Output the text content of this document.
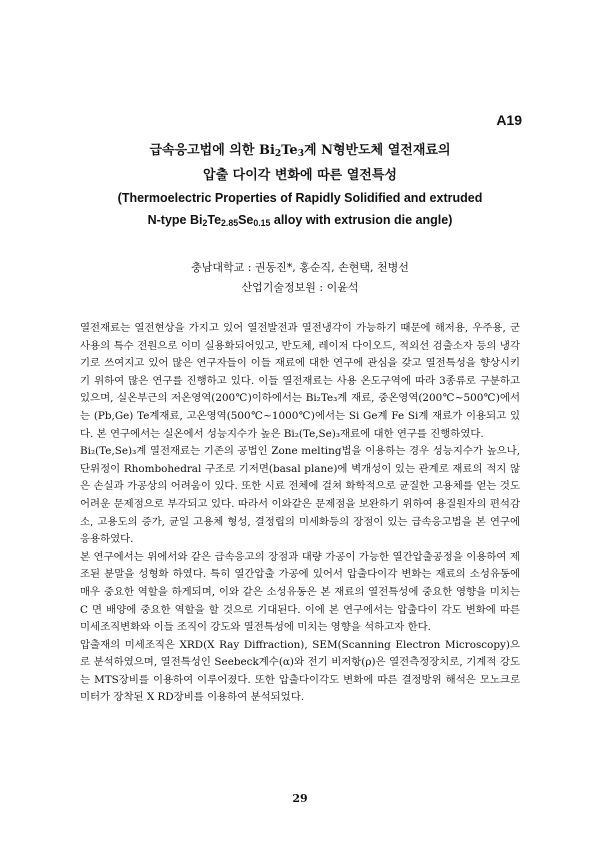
A19
급속응고법에 의한 $Bi_2Te_3$계 N형반도체 열전재료의
압출 다이각 변화에 따른 열전특성
(Thermoelectric Properties of Rapidly Solidified and extruded
N-type $Bi_2Te_{2.85}Se_{0.15}$ alloy with extrusion die angle)
충남대학교 : 권동진*, 홍순직, 손현택, 천병선
산업기술정보원 : 이윤석

열전재료는 열전현상을 가지고 있어 열전발전과 열전냉각이 가능하기 때문에 해저용, 우주용, 군사용의 특수 전원으로 이미 실용화되어있고, 반도체, 레이저 다이오드, 적외선 검출소자 등의 냉각기로 쓰여지고 있어 많은 연구자들이 이들 재료에 대한 연구에 관심을 갖고 열전특성을 향상시키기 위하여 많은 연구를 진행하고 있다. 이들 열전재료는 사용 온도구역에 따라 3종류로 구분하고 있으며, 실온부근의 저온영역(200℃)이하에서는 Bi₂Te₃계 재료, 중온영역(200℃~500℃)에서는 (Pb,Ge) Te계재료, 고온영역(500℃~1000℃)에서는 Si Ge계 Fe Si계 재료가 이용되고 있다. 본 연구에서는 실온에서 성능지수가 높은 Bi₂(Te,Se)₃재료에 대한 연구를 진행하였다.

Bi₂(Te,Se)₃계 열전재료는 기존의 공법인 Zone melting법을 이용하는 경우 성능지수가 높으나, 단위정이 Rhombohedral 구조로 기저면(basal plane)에 벽개성이 있는 관계로 재료의 적지 않은 손실과 가공상의 어려움이 있다. 또한 시료 전체에 걸쳐 화학적으로 균질한 고용체를 얻는 것도 어려운 문제점으로 부각되고 있다. 따라서 이와같은 문제점을 보완하기 위하여 용질원자의 편석감소, 고용도의 증가, 균일 고용체 형성, 결정립의 미세화등의 장점이 있는 급속응고법을 본 연구에 응용하였다.

본 연구에서는 위에서와 같은 급속응고의 장점과 대량 가공이 가능한 열간압출공정을 이용하여 제조된 분말을 성형화 하였다. 특히 열간압출 가공에 있어서 압출다이각 변화는 재료의 소성유동에 매우 중요한 역할을 하게되며, 이와 같은 소성유동은 본 재료의 열전특성에 중요한 영향을 미치는 C 면 배양에 중요한 역할을 할 것으로 기대된다. 이에 본 연구에서는 압출다이 각도 변화에 따른 미세조직변화와 이들 조직이 강도와 열전특성에 미치는 영향을 석하고자 한다.

압출재의 미세조직은 XRD(X Ray Diffraction), SEM(Scanning Electron Microscopy)으로 분석하였으며, 열전특성인 Seebeck계수(α)와 전기 비저항(ρ)은 열전측정장치로, 기계적 강도는 MTS장비를 이용하여 이루어졌다. 또한 압출다이각도 변화에 따른 결정방위 해석은 모노크로미터가 장착된 X RD장비를 이용하여 분석되었다.

29
